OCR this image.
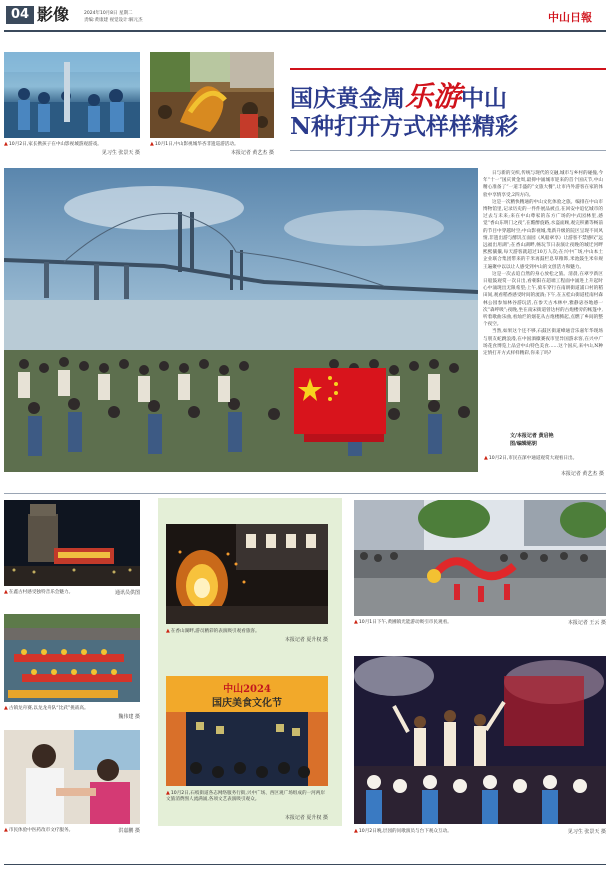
04 影像	2024年10月8日 星期二
责编:黄康建 视觉设计:解元杰	中山日報
▲10月2日,家长携孩子在中山影视城游观游戏。
见习生 张景天 摄
▲10月1日,中山影视城华杏非遗巡游活动。
本报记者 黄艺杰 摄
国庆黄金周乐游中山
N种打开方式样样精彩
▲10月2日,市民在深中通道观赏大观看日出。
本报记者 黄艺杰 摄

日与新的交织,传统与现代的交融,城市与乡村的碰撞,今年“十一”国庆黄金周,最抑中涌城市迎来的首个国庆节,中山精心准备了“一道丰盛的”文旅大餐”,让市内外游客在家的体验中享情享受,2四方向。

这是一次精快精通的中山文化体验之旅。编排在中山市博物馆里,记录历史的一件件展品被点,在回安中追忆城市的过去与未来;来在中山尊家的东方广场的中式园林里,感觉“香山东明门之夜”,在酷醉旋路,水盗面顾,观完积蓄等畅前的节目中穿越时空;中山影视城,集新升级的院区呈现不同风情,非遗出游与酵饥互面园《风船翠享》让游客不禁感叹“远远福出用湖”;在香山湖畔,畅玩节日表演让夜晚的城迁河畔熙熙攘攘,每天游客就超过10万人次;在兴中广场,中山本土企业联合集团带来的千米再鼓栏息草稚饰,米池鼓生米牵规王遍聚中以以让人感受到中山的文创活力和魅力。

这是一次去追自然的身心放松之旅。清晨,在翠亨新区日船鼓观赏一次日出,看朝阳在超端工程面中涌进上升起时心中涌现出无限希望;上午,骑车穿行在南朗街道浦口村的稻田间,观看稻香感受时间的流淌;下午,在五桂山街道桂南村森林公园参加林谷游玩活,在参天古木林中,雅静宓谷地感一次“森呼吸”;夜晚,坐在南宋街道曾达村的古炮楼旁的帐篷中,听着歌曲乐曲,看灿烂的烟花从古炮楼腾起,点燃了乡间的整个夜空。

当然,如果这个还不够,石鼓区街道峰通音乐嘉年华现场与朋友蛇跳浪漫,在中国酒徽赛夜市里异国游求客,在兴中广场花食博览上品尝中山特色美食……这个国庆,来中山,N种定情打开方式样样精彩,你来了吗?

文/本报记者 黄启艳
图/编辑铭钥
▲在鑫古村感受独特音乐会魅力。	通讯员供图
▲在香山湖畔,游员精彩的表演吸引观看旅客。
本报记者 夏升权 摄
▲10月1日下午,黄圃镇光能游动吸引市民观看。	本报记者 王云 摄
▲古镇龙舟赛,以龙龙舟队“比武”挑战高。
魏伟建 摄
中山2024
国庆美食文化节
▲10月2日,石岐街道各志网络服务行街,兴中广场、西区观广场组成的一河两岸文旅消费图人流满涌,各项文艺表演吸引观众。
本报记者 夏升权 摄
▲市民体验中医药改市文疗服务。	洪嘉鹏 摄	▲10月2日晚,层园的问歌演员与台下观众互动。	见习生 张景天 摄
